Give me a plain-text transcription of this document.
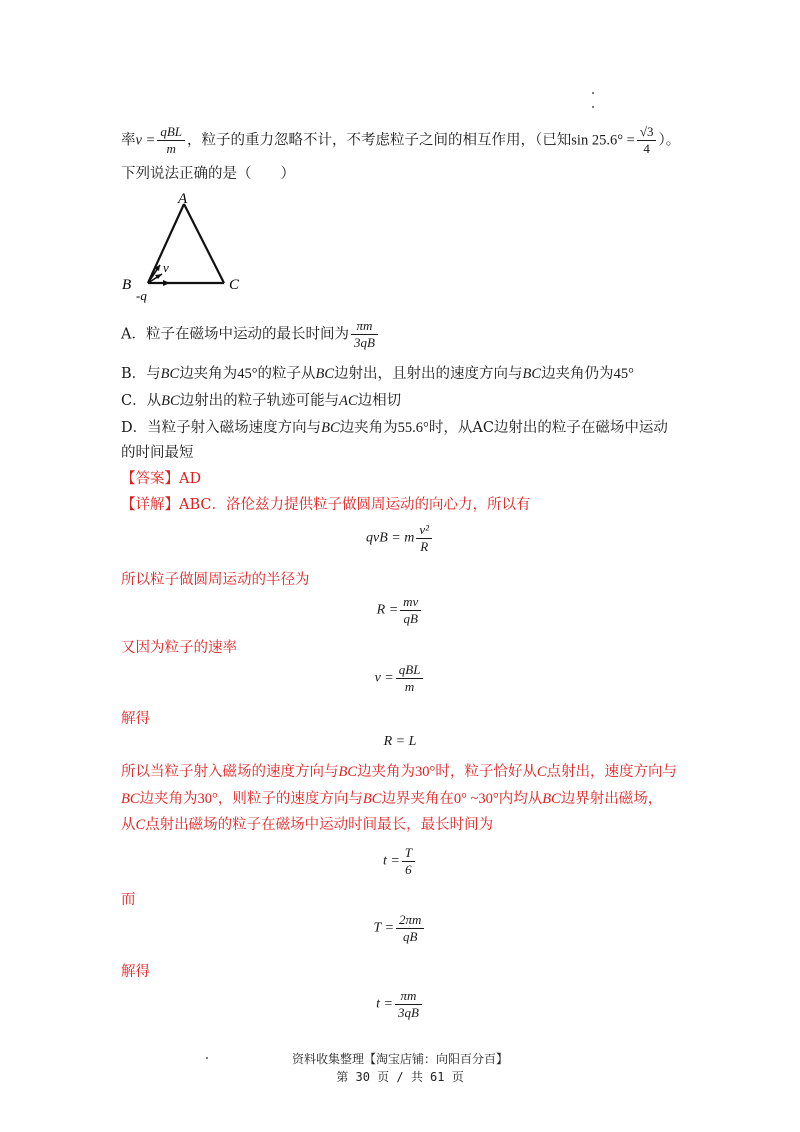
率$v = \frac{\text{qBL}}{m}$ ，粒子的重力忽略不计，不考虑粒子之间的相互作用，（已知$\sin 25.6^\circ = \frac{√3}{4}$ ）。
下列说法正确的是（　　）
A
B	C
v
-q
A．粒子在磁场中运动的最长时间为 $\frac{\pi m}{3qB}$
B．与BC边夹角为45°的粒子从BC边射出，且射出的速度方向与BC边夹角仍为45°
C．从BC边射出的粒子轨迹可能与AC边相切
D．当粒子射入磁场速度方向与BC边夹角为55.6°时，从AC边射出的粒子在磁场中运动
的时间最短
【答案】AD
【详解】ABC．洛伦兹力提供粒子做圆周运动的向心力，所以有
qvB = m $\frac{\text{v²}}{R}$
所以粒子做圆周运动的半径为
$R = \frac{mv}{qB}$
又因为粒子的速率
$v = \frac{\text{qBL}}{m}$
解得
R = L
所以当粒子射入磁场的速度方向与BC边夹角为30°时，粒子恰好从C点射出，速度方向与
BC边夹角为30°，则粒子的速度方向与BC边界夹角在0° ~30°内均从BC边界射出磁场，
从C点射出磁场的粒子在磁场中运动时间最长，最长时间为
$t = \frac{T}{6}$
而
$T = \frac{2\pi m}{qB}$
解得
$t = \frac{\pi m}{3qB}$
资料收集整理【淘宝店铺：向阳百分百】
第 30 页 / 共 61 页
